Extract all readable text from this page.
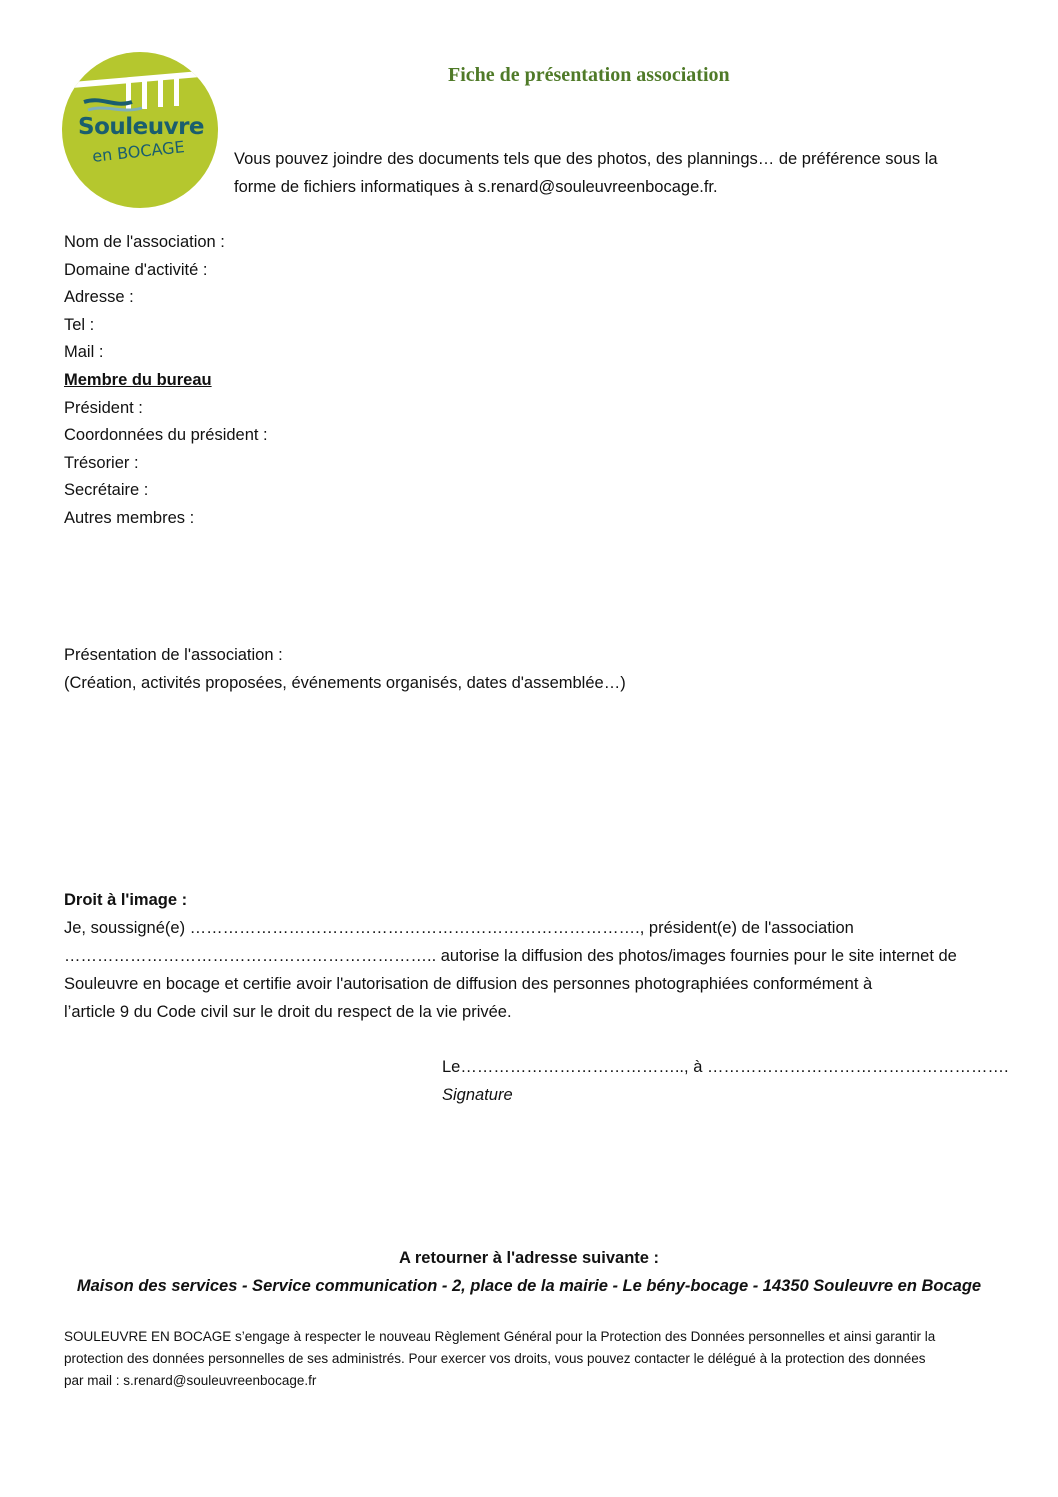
Souleuvre
en BOCAGE
Fiche de présentation association
Vous pouvez joindre des documents tels que des photos, des plannings… de préférence sous la
forme de fichiers informatiques à s.renard@souleuvreenbocage.fr.
Nom de l'association :
Domaine d'activité :
Adresse :
Tel :
Mail :
Membre du bureau
Président :
Coordonnées du président :
Trésorier :
Secrétaire :
Autres membres :
Présentation de l'association :
(Création, activités proposées, événements organisés, dates d'assemblée…)
Droit à l'image :
Je, soussigné(e) ………………………………………………………………………., président(e) de l'association
………………………………………………………….. autorise la diffusion des photos/images fournies pour le site internet de
Souleuvre en bocage et certifie avoir l'autorisation de diffusion des personnes photographiées conformément à
l’article 9 du Code civil sur le droit du respect de la vie privée.
Le………………………………….., à ……………………………………………….
Signature
A retourner à l'adresse suivante :
Maison des services - Service communication - 2, place de la mairie - Le bény-bocage - 14350 Souleuvre en Bocage
SOULEUVRE EN BOCAGE s’engage à respecter le nouveau Règlement Général pour la Protection des Données personnelles et ainsi garantir la
protection des données personnelles de ses administrés. Pour exercer vos droits, vous pouvez contacter le délégué à la protection des données
par mail : s.renard@souleuvreenbocage.fr
